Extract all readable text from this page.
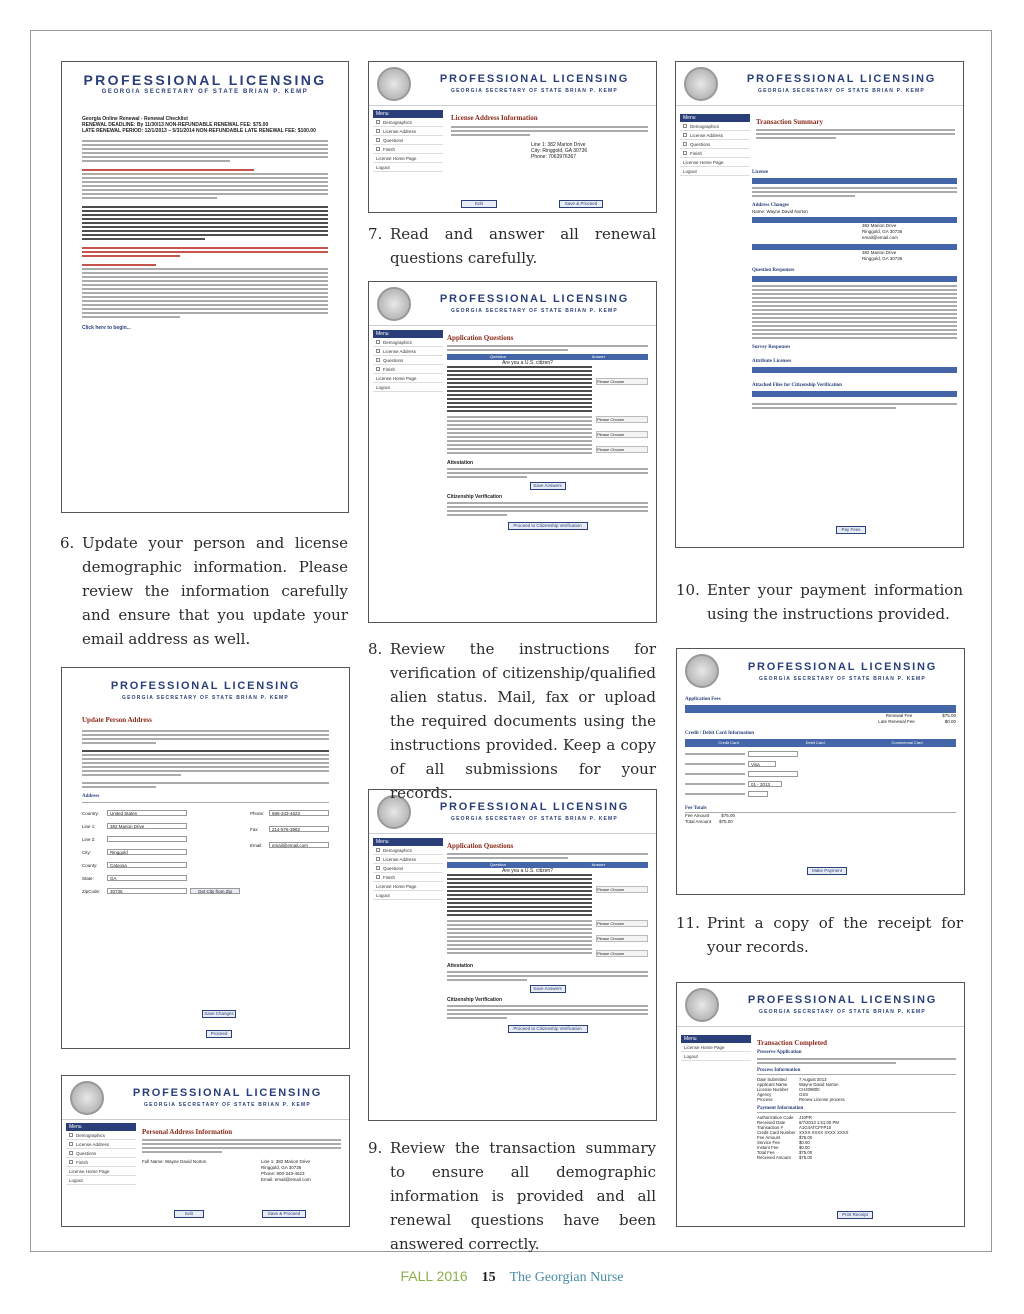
PROFESSIONAL LICENSING
GEORGIA SECRETARY OF STATE BRIAN P. KEMP
Georgia Online Renewal - Renewal Checklist
RENEWAL DEADLINE: By 11/30/13 NON-REFUNDABLE RENEWAL FEE: $75.00
LATE RENEWAL PERIOD: 12/1/2013 – 5/31/2014 NON-REFUNDABLE LATE RENEWAL FEE: $100.00
Click here to begin...
PROFESSIONAL LICENSING
GEORGIA SECRETARY OF STATE BRIAN P. KEMP
Menu
Demographics
License Address
Questions
Finish
License Home Page
Logout
License Address Information
Line 1: 382 Marion Drive
City: Ringgold, GA 30736
Phone: 7063976367
Edit	Save & Proceed
PROFESSIONAL LICENSING
GEORGIA SECRETARY OF STATE BRIAN P. KEMP
Menu
Demographics
License Address
Questions
Finish
License Home Page
Logout
Application Questions
Question	Answer
Are you a U.S. citizen?
Please Choose
Please Choose
Please Choose
Please Choose
Attestation
Save Answers
Citizenship Verification
Proceed to Citizenship Verification
PROFESSIONAL LICENSING
GEORGIA SECRETARY OF STATE BRIAN P. KEMP
Menu
Demographics
License Address
Questions
Finish
License Home Page
Logout
Application Questions
Question	Answer
Are you a U.S. citizen?
Please Choose
Please Choose
Please Choose
Please Choose
Attestation
Save Answers
Citizenship Verification
Proceed to Citizenship Verification
PROFESSIONAL LICENSING
GEORGIA SECRETARY OF STATE BRIAN P. KEMP
Menu
Demographics
License Address
Questions
Finish
License Home Page
Logout
Transaction Summary
License
Address Changes
Name: Wayne David Norton
382 Marion Drive
Ringgold, GA 30736
email@email.com
382 Marion Drive
Ringgold, GA 30736
Question Responses
Survey Responses
Attribute Licenses
Attached Files for Citizenship Verification
Pay Fees
PROFESSIONAL LICENSING
GEORGIA SECRETARY OF STATE BRIAN P. KEMP
Update Person Address
Address
Country:	United States
Line 1:	382 Marion Drive
Line 2:
City:	Ringgold
County:	Catoosa
State:	GA
ZipCode:	30736	Get City from Zip
Phone:	686-343-4623
Fax:	214-576-3982
Email:	email@email.com
Save Changes
Proceed
PROFESSIONAL LICENSING
GEORGIA SECRETARY OF STATE BRIAN P. KEMP
Menu
Demographics
License Address
Questions
Finish
License Home Page
Logout
Personal Address Information
Full Name: Wayne David Norton	Line 1: 382 Marion Drive
Ringgold, GA 30736
Phone: 800-343-4623
Email: email@email.com
Edit	Save & Proceed
PROFESSIONAL LICENSING
GEORGIA SECRETARY OF STATE BRIAN P. KEMP
Application Fees
Renewal Fee	$75.00
Late Renewal Fee	$0.00
Credit / Debit Card Information
Credit Card	Debit Card	Commercial Card
Visa
01 - 2013
Fee Totals
Fee Amount	$75.00
Total Amount $75.00
Make Payment
PROFESSIONAL LICENSING
GEORGIA SECRETARY OF STATE BRIAN P. KEMP
Menu
License Home Page
Logout
Transaction Completed
Preserve Application
Process Information
Date Submitted	7 August 2013
Applicant Name	Wayne David Norton
License Number	CH209800
Agency	GSS
Process	Renew License process
Payment Information
Authorization Code	J10PR
Received Date	8/7/2013 1:51:00 PM
Transaction #	A1G4ATCFFP10
Credit Card Number XXXX XXXX XXXX XXXX
Fee Amount	$75.00
Service Fee	$0.00
Instant Fee	$0.00
Total Fee	$75.00
Received Amount	$75.00
Print Receipt
6. Update your person and license demographic information. Please review the information carefully and ensure that you update your email address as well.
7. Read and answer all renewal questions carefully.
8. Review the instructions for verification of citizenship/qualified alien status. Mail, fax or upload the required documents using the instructions provided. Keep a copy of all submissions for your records.
9. Review the transaction summary to ensure all demographic information is provided and all renewal questions have been answered correctly.
10. Enter your payment information using the instructions provided.
11. Print a copy of the receipt for your records.
FALL 2016 15 The Georgian Nurse
